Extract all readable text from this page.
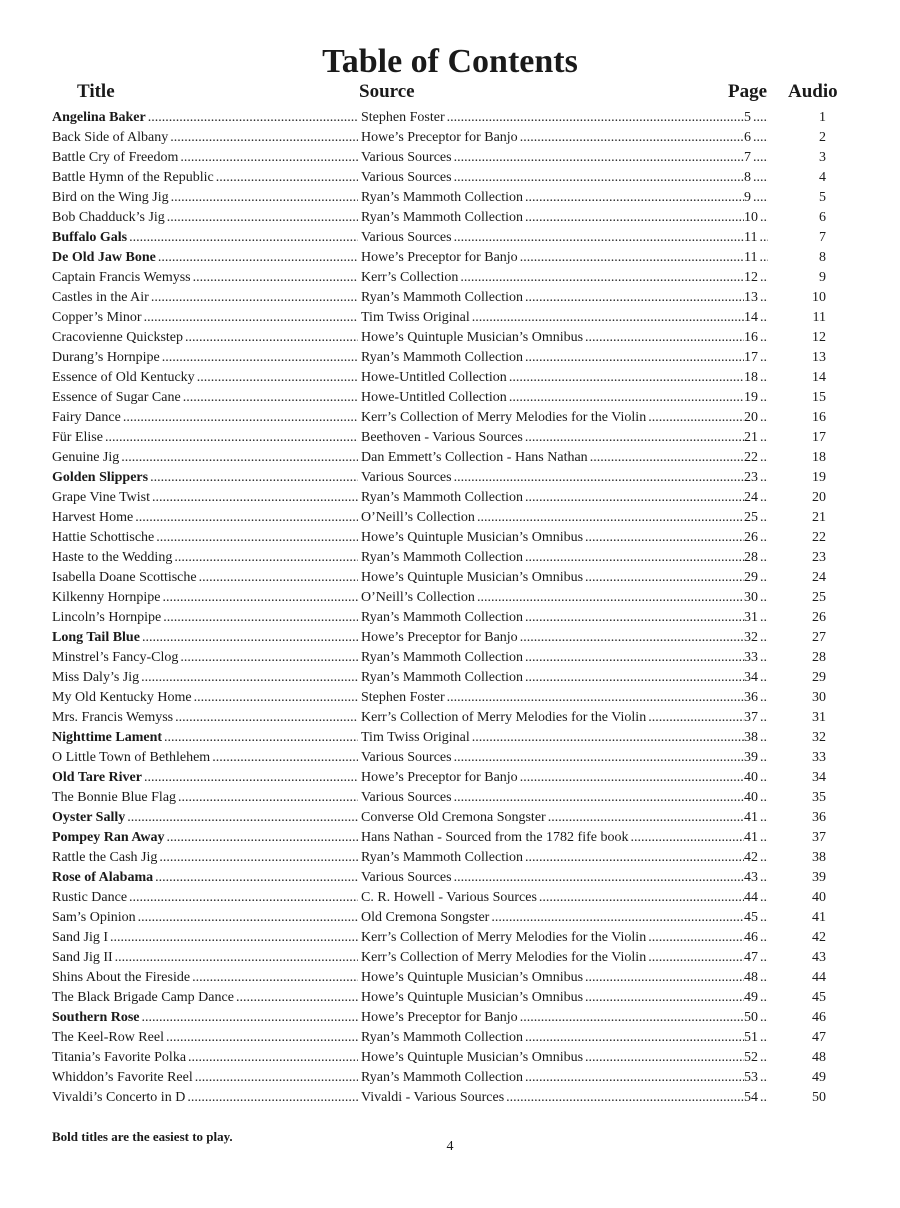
Table of Contents
Title	Source	Page Audio
Angelina Baker .....	Stephen Foster .....	5 .....	1
Back Side of Albany .....	Howe’s Preceptor for Banjo .....	6 .....	2
Battle Cry of Freedom .....	Various Sources .....	7 .....	3
Battle Hymn of the Republic .....	Various Sources .....	8 .....	4
Bird on the Wing Jig .....	Ryan’s Mammoth Collection .....	9 .....	5
Bob Chadduck’s Jig .....	Ryan’s Mammoth Collection .....	10 .....	6
Buffalo Gals .....	Various Sources .....	11 .....	7
De Old Jaw Bone .....	Howe’s Preceptor for Banjo .....	11 .....	8
Captain Francis Wemyss .....	Kerr’s Collection .....	12 .....	9
Castles in the Air .....	Ryan’s Mammoth Collection .....	13 .....	10
Copper’s Minor .....	Tim Twiss Original .....	14 .....	11
Cracovienne Quickstep .....	Howe’s Quintuple Musician’s Omnibus .....	16 .....	12
Durang’s Hornpipe .....	Ryan’s Mammoth Collection .....	17 .....	13
Essence of Old Kentucky .....	Howe-Untitled Collection .....	18 .....	14
Essence of Sugar Cane .....	Howe-Untitled Collection .....	19 .....	15
Fairy Dance .....	Kerr’s Collection of Merry Melodies for the Violin .....	20 .....	16
Für Elise .....	Beethoven - Various Sources .....	21 .....	17
Genuine Jig .....	Dan Emmett’s Collection - Hans Nathan .....	22 .....	18
Golden Slippers .....	Various Sources .....	23 .....	19
Grape Vine Twist .....	Ryan’s Mammoth Collection .....	24 .....	20
Harvest Home .....	O’Neill’s Collection .....	25 .....	21
Hattie Schottische .....	Howe’s Quintuple Musician’s Omnibus .....	26 .....	22
Haste to the Wedding .....	Ryan’s Mammoth Collection .....	28 .....	23
Isabella Doane Scottische .....	Howe’s Quintuple Musician’s Omnibus .....	29 .....	24
Kilkenny Hornpipe .....	O’Neill’s Collection .....	30 .....	25
Lincoln’s Hornpipe .....	Ryan’s Mammoth Collection .....	31 .....	26
Long Tail Blue .....	Howe’s Preceptor for Banjo .....	32 .....	27
Minstrel’s Fancy-Clog .....	Ryan’s Mammoth Collection .....	33 .....	28
Miss Daly’s Jig .....	Ryan’s Mammoth Collection .....	34 .....	29
My Old Kentucky Home .....	Stephen Foster .....	36 .....	30
Mrs. Francis Wemyss .....	Kerr’s Collection of Merry Melodies for the Violin .....	37 .....	31
Nighttime Lament .....	Tim Twiss Original .....	38 .....	32
O Little Town of Bethlehem .....	Various Sources .....	39 .....	33
Old Tare River .....	Howe’s Preceptor for Banjo .....	40 .....	34
The Bonnie Blue Flag .....	Various Sources .....	40 .....	35
Oyster Sally .....	Converse Old Cremona Songster .....	41 .....	36
Pompey Ran Away .....	Hans Nathan - Sourced from the 1782 fife book .....	41 .....	37
Rattle the Cash Jig .....	Ryan’s Mammoth Collection .....	42 .....	38
Rose of Alabama .....	Various Sources .....	43 .....	39
Rustic Dance .....	C. R. Howell - Various Sources .....	44 .....	40
Sam’s Opinion .....	Old Cremona Songster .....	45 .....	41
Sand Jig I .....	Kerr’s Collection of Merry Melodies for the Violin .....	46 .....	42
Sand Jig II .....	Kerr’s Collection of Merry Melodies for the Violin .....	47 .....	43
Shins About the Fireside .....	Howe’s Quintuple Musician’s Omnibus .....	48 .....	44
The Black Brigade Camp Dance .....	Howe’s Quintuple Musician’s Omnibus .....	49 .....	45
Southern Rose .....	Howe’s Preceptor for Banjo .....	50 .....	46
The Keel-Row Reel .....	Ryan’s Mammoth Collection .....	51 .....	47
Titania’s Favorite Polka .....	Howe’s Quintuple Musician’s Omnibus .....	52 .....	48
Whiddon’s Favorite Reel .....	Ryan’s Mammoth Collection .....	53 .....	49
Vivaldi’s Concerto in D .....	Vivaldi - Various Sources .....	54 .....	50
Bold titles are the easiest to play.
4
